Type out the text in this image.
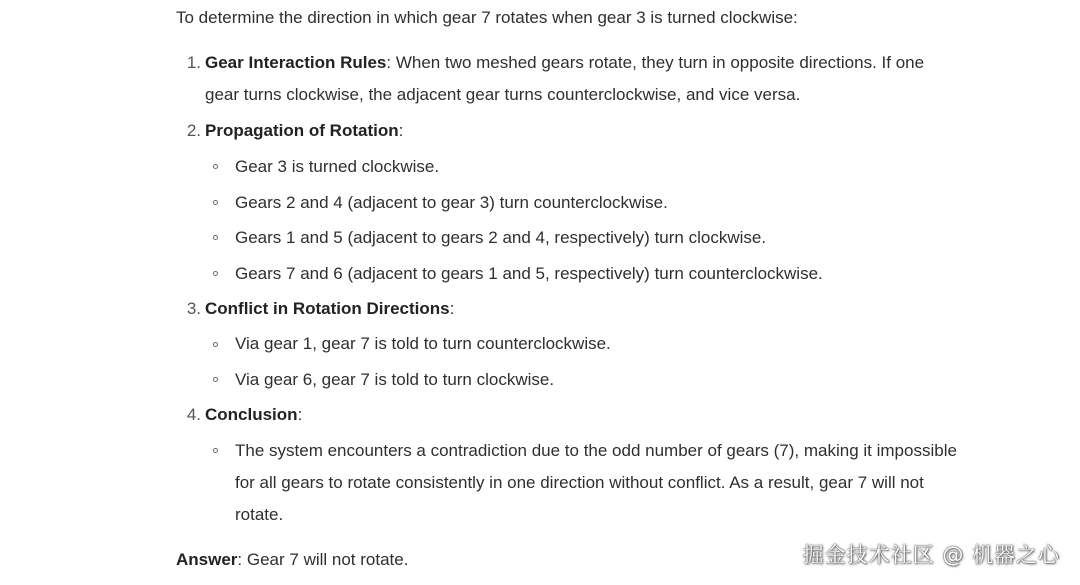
To determine the direction in which gear 7 rotates when gear 3 is turned clockwise:
1. Gear Interaction Rules: When two meshed gears rotate, they turn in opposite directions. If one
gear turns clockwise, the adjacent gear turns counterclockwise, and vice versa.
2. Propagation of Rotation:
Gear 3 is turned clockwise.
Gears 2 and 4 (adjacent to gear 3) turn counterclockwise.
Gears 1 and 5 (adjacent to gears 2 and 4, respectively) turn clockwise.
Gears 7 and 6 (adjacent to gears 1 and 5, respectively) turn counterclockwise.
3. Conflict in Rotation Directions:
Via gear 1, gear 7 is told to turn counterclockwise.
Via gear 6, gear 7 is told to turn clockwise.
4. Conclusion:
The system encounters a contradiction due to the odd number of gears (7), making it impossible
for all gears to rotate consistently in one direction without conflict. As a result, gear 7 will not
rotate.
Answer: Gear 7 will not rotate.	掘金技术社区 @ 机器之心
